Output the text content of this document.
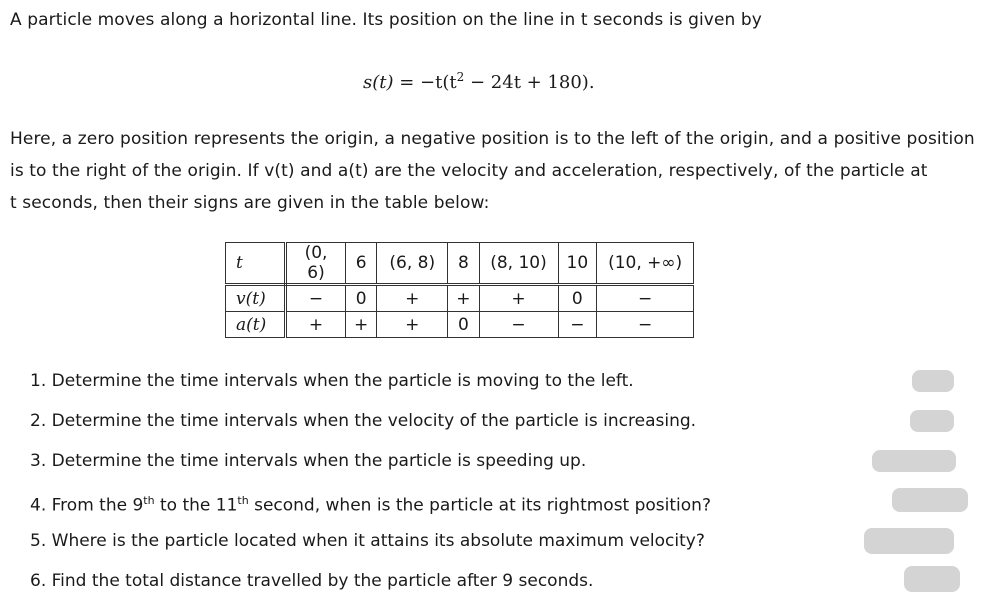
A particle moves along a horizontal line. Its position on the line in t seconds is given by
$s(t) = -t(t^2 - 24t + 180)$.
Here, a zero position represents the origin, a negative position is to the left of the origin, and a positive position
is to the right of the origin. If v(t) and a(t) are the velocity and acceleration, respectively, of the particle at
t seconds, then their signs are given in the table below:
t	(0, 6)	6	(6, 8)	8	(8, 10)	10	(10, +∞)
v(t)	−	0	+	+	+	0	−
a(t)	+	+	+	0	−	−	−
1. Determine the time intervals when the particle is moving to the left.
2. Determine the time intervals when the velocity of the particle is increasing.
3. Determine the time intervals when the particle is speeding up.
4. From the 9th to the 11th second, when is the particle at its rightmost position?
5. Where is the particle located when it attains its absolute maximum velocity?
6. Find the total distance travelled by the particle after 9 seconds.
